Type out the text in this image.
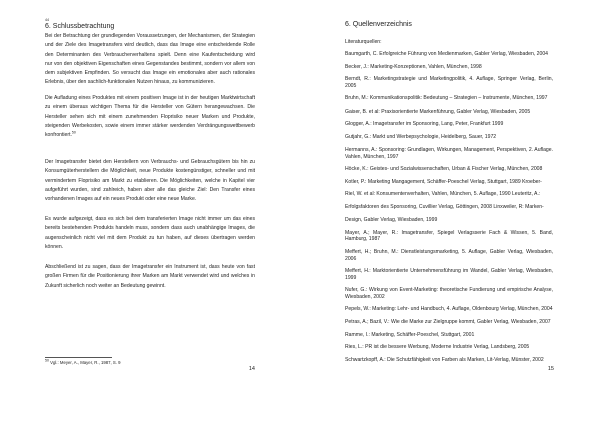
44
6. Schlussbetrachtung
$^{50}$ Vgl.: Meyer, A., Mayer, R., 1987, S. 9
14
Bei der Betrachtung der grundlegenden Voraussetzungen, der Mechanismen, der Strategien
und der Ziele des Imagetransfers wird deutlich, dass das Image eine entscheidende Rolle
den Determinanten des Verbraucherverhaltens spielt. Denn eine Kaufentscheidung wird
nur von den objektiven Eigenschaften eines Gegenstandes bestimmt, sondern vor allem von
dem subjektiven Empfinden. So versucht das Image ein emotionales aber auch rationales
Erlebnis, über den sachlich-funktionalen Nutzen hinaus, zu kommunizieren.
Die Aufladung eines Produktes mit einem positiven Image ist in der heutigen Marktwirtschaft
zu einem überaus wichtigen Thema für die Hersteller von Gütern herangewachsen. Die
Hersteller sehen sich mit einem zunehmenden Floprisiko neuer Marken und Produkte,
steigenden Werbekosten, sowie einem immer stärker werdenden Verdrängungswettbewerb
konfrontiert.$^{50}$
Der Imagetransfer bietet den Herstellern von Verbrauchs- und Gebrauchsgütern bis hin zu
Konsumgüterherstellern die Möglichkeit, neue Produkte kostengünstiger, schneller und mit
vermindertem Floprisiko am Markt zu etablieren. Die Möglichkeiten, welche in Kapitel vier
aufgeführt wurden, sind zahlreich, haben aber alle das gleiche Ziel: Den Transfer eines
vorhandenen Images auf ein neues Produkt oder eine neue Marke.
Es wurde aufgezeigt, dass es sich bei dem transferierten Image nicht immer um das eines
bereits bestehenden Produkts handeln muss, sondern dass auch unabhängige Images, die
augenscheinlich nicht viel mit dem Produkt zu tun haben, auf dieses übertragen werden
können.
Abschließend ist zu sagen, dass der Imagetransfer ein Instrument ist, dass heute von fast
großen Firmen für die Positionierung ihrer Marken am Markt verwendet wird und welches in
Zukunft sicherlich noch weiter an Bedeutung gewinnt.
6. Quellenverzeichnis
Literaturquellen:
15
Baumgarth, C. Erfolgreiche Führung von Medienmarken, Gabler Verlag, Wiesbaden, 2004
Becker, J.: Marketing-Konzeptionen, Vahlen, München, 1998
Berndt, R.: Marketingstrategie und Marketingpolitik, 4. Auflage, Springer Verlag, Berlin,
2005
Bruhn, M.: Kommunikationspolitik: Bedeutung – Strategien – Instrumente, München, 1997
Gaiser, B. et al: Praxisorientierte Markenführung, Gabler Verlag, Wiesbaden, 2005
Glogger, A.: Imagetransfer im Sponsoring, Lang, Peter, Frankfurt 1999
Gutjahr, G.: Markt und Werbepsychologie, Heidelberg, Sauer, 1972
Hermanns, A.: Sponsoring: Grundlagen, Wirkungen, Management, Perspektiven, 2. Auflage.
Vahlen, München, 1997
Höcke, K.: Geistes- und Sozialwissenschaften, Urban & Fischer Verlag, München, 2008
Kotler, P.: Marketing Mangagement, Schäffer-Poeschel Verlag, Stuttgart, 1989 Kroeber-
Riel, W. et al: Konsumentenverhalten, Vahlen, München, 5. Auflage, 1990 Leuteritz, A.:
Erfolgsfaktoren des Sponsoring, Cuvillier Verlag, Göttingen, 2008 Linxweiler, R: Marken-
Design, Gabler Verlag, Wiesbaden, 1999
Mayer, A.; Mayer, R.: Imagetransfer, Spiegel Verlagsserie Fach & Wissen, 5. Band,
Hamburg, 1987
Meffert, H.; Bruhn, M.: Dienstleistungsmarketing, 5. Auflage, Gabler Verlag, Wiesbaden,
2006
Meffert, H.: Marktorientierte Unternehmensführung im Wandel, Gabler Verlag, Wiesbaden,
1999
Nufer, G.: Wirkung von Event-Marketing: theoretische Fundierung und empirische Analyse,
Wiesbaden, 2002
Pepels, W.: Marketing: Lehr- und Handbuch, 4. Auflage, Oldenbourg Verlag, München, 2004
Petras, A.; Bazil, V.: Wie die Marke zur Zielgruppe kommt, Gabler Verlag, Wiesbaden, 2007
Ramme, I.: Marketing, Schäffer-Poeschel, Stuttgart, 2001
Ries, L.: PR ist die bessere Werbung, Moderne Industrie Verlag, Landsberg, 2005
Schwartzkopff, A.: Die Schutzfähigkeit von Farben als Marken, Lit-Verlag, Münster, 2002
